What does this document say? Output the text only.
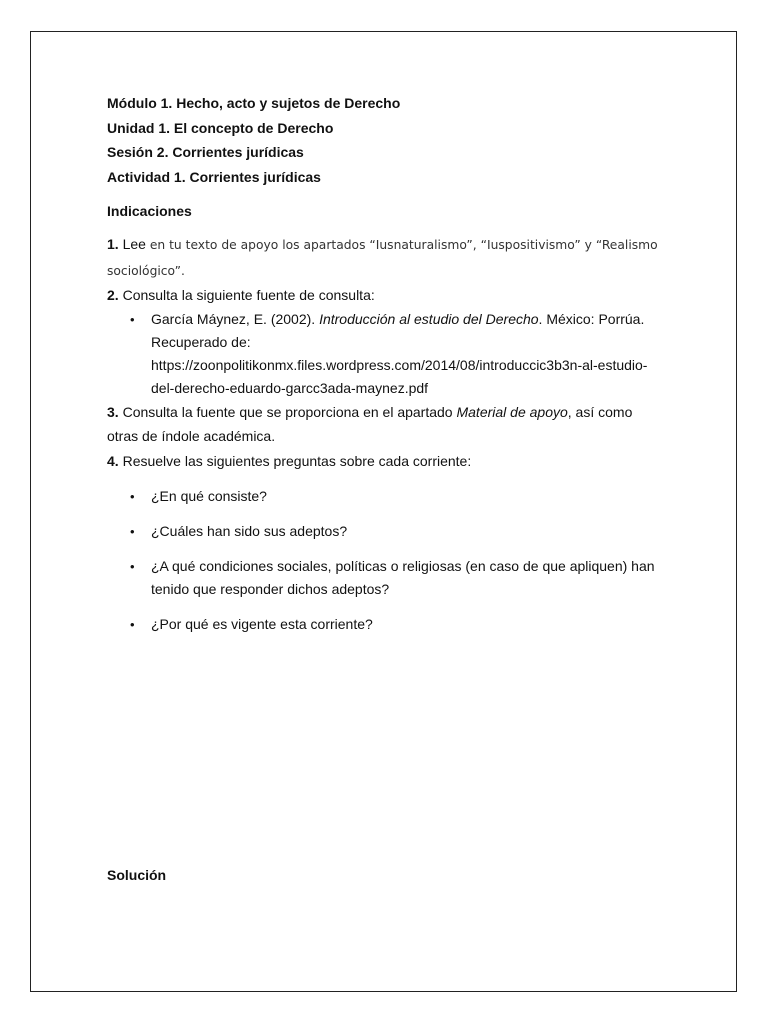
Módulo 1. Hecho, acto y sujetos de Derecho
Unidad 1. El concepto de Derecho
Sesión 2. Corrientes jurídicas
Actividad 1. Corrientes jurídicas
Indicaciones
1. Lee en tu texto de apoyo los apartados “Iusnaturalismo”, “Iuspositivismo” y “Realismo sociológico”.
2. Consulta la siguiente fuente de consulta:
• García Máynez, E. (2002). Introducción al estudio del Derecho. México: Porrúa.
Recuperado de:
https://zoonpolitikonmx.files.wordpress.com/2014/08/introduccic3b3n-al-estudio-
del-derecho-eduardo-garcc3ada-maynez.pdf
3. Consulta la fuente que se proporciona en el apartado Material de apoyo, así como otras de índole académica.
4. Resuelve las siguientes preguntas sobre cada corriente:
• ¿En qué consiste?
• ¿Cuáles han sido sus adeptos?
• ¿A qué condiciones sociales, políticas o religiosas (en caso de que apliquen) han tenido que responder dichos adeptos?
• ¿Por qué es vigente esta corriente?
Solución
